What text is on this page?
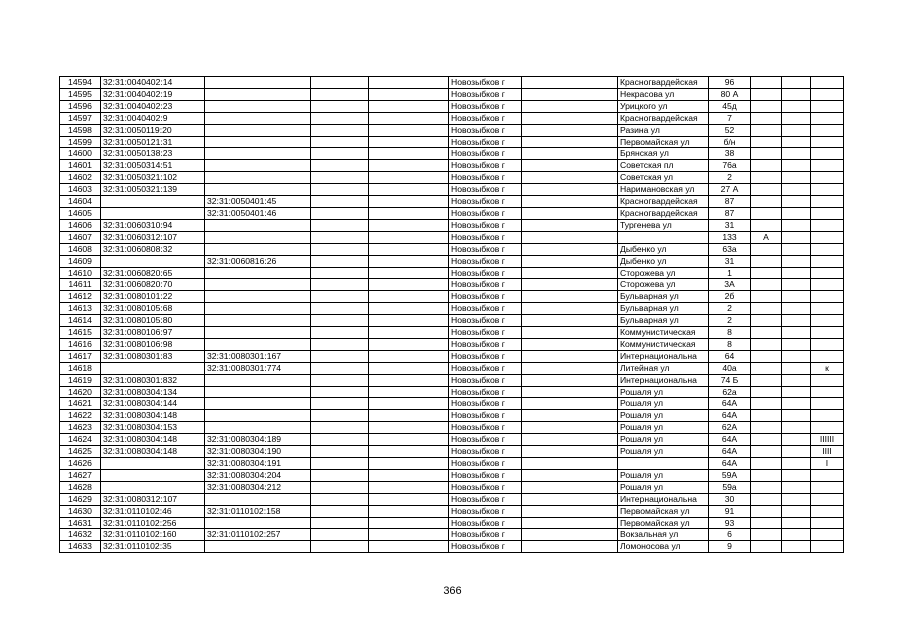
14594	32:31:0040402:14				Новозыбков г		Красногвардейская	96			
14595	32:31:0040402:19				Новозыбков г		Некрасова ул	80 А			
14596	32:31:0040402:23				Новозыбков г		Урицкого ул	45д			
14597	32:31:0040402:9				Новозыбков г		Красногвардейская	7			
14598	32:31:0050119:20				Новозыбков г		Разина ул	52			
14599	32:31:0050121:31				Новозыбков г		Первомайская ул	б/н			
14600	32:31:0050138:23				Новозыбков г		Брянская ул	38			
14601	32:31:0050314:51				Новозыбков г		Советская пл	76а			
14602	32:31:0050321:102				Новозыбков г		Советская ул	2			
14603	32:31:0050321:139				Новозыбков г		Наримановская ул	27 А			
14604		32:31:0050401:45			Новозыбков г		Красногвардейская	87			
14605		32:31:0050401:46			Новозыбков г		Красногвардейская	87			
14606	32:31:0060310:94				Новозыбков г		Тургенева ул	31			
14607	32:31:0060312:107				Новозыбков г			133	А		
14608	32:31:0060808:32				Новозыбков г		Дыбенко ул	63а			
14609		32:31:0060816:26			Новозыбков г		Дыбенко ул	31			
14610	32:31:0060820:65				Новозыбков г		Сторожева ул	1			
14611	32:31:0060820:70				Новозыбков г		Сторожева ул	3А			
14612	32:31:0080101:22				Новозыбков г		Бульварная ул	2б			
14613	32:31:0080105:68				Новозыбков г		Бульварная ул	2			
14614	32:31:0080105:80				Новозыбков г		Бульварная ул	2			
14615	32:31:0080106:97				Новозыбков г		Коммунистическая	8			
14616	32:31:0080106:98				Новозыбков г		Коммунистическая	8			
14617	32:31:0080301:83	32:31:0080301:167			Новозыбков г		Интернациональна	64			
14618		32:31:0080301:774			Новозыбков г		Литейная ул	40а			к
14619	32:31:0080301:832				Новозыбков г		Интернациональна	74 Б			
14620	32:31:0080304:134				Новозыбков г		Рошаля ул	62а			
14621	32:31:0080304:144				Новозыбков г		Рошаля ул	64А			
14622	32:31:0080304:148				Новозыбков г		Рошаля ул	64А			
14623	32:31:0080304:153				Новозыбков г		Рошаля ул	62А			
14624	32:31:0080304:148	32:31:0080304:189			Новозыбков г		Рошаля ул	64А			IIIIII
14625	32:31:0080304:148	32:31:0080304:190			Новозыбков г		Рошаля ул	64А			IIII
14626		32:31:0080304:191			Новозыбков г			64А			I
14627		32:31:0080304:204			Новозыбков г		Рошаля ул	59А			
14628		32:31:0080304:212			Новозыбков г		Рошаля ул	59а			
14629	32:31:0080312:107				Новозыбков г		Интернациональна	30			
14630	32:31:0110102:46	32:31:0110102:158			Новозыбков г		Первомайская ул	91			
14631	32:31:0110102:256				Новозыбков г		Первомайская ул	93			
14632	32:31:0110102:160	32:31:0110102:257			Новозыбков г		Вокзальная ул	6			
14633	32:31:0110102:35				Новозыбков г		Ломоносова ул	9			
366
